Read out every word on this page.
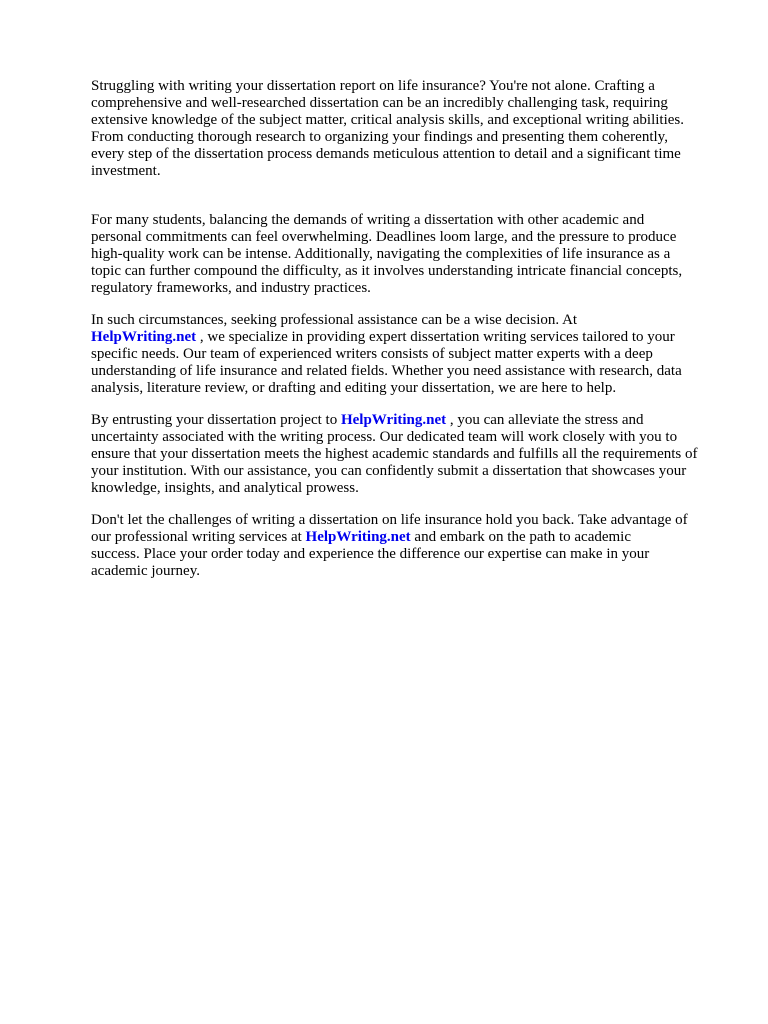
Struggling with writing your dissertation report on life insurance? You're not alone. Crafting a
comprehensive and well-researched dissertation can be an incredibly challenging task, requiring
extensive knowledge of the subject matter, critical analysis skills, and exceptional writing abilities.
From conducting thorough research to organizing your findings and presenting them coherently,
every step of the dissertation process demands meticulous attention to detail and a significant time
investment.

For many students, balancing the demands of writing a dissertation with other academic and
personal commitments can feel overwhelming. Deadlines loom large, and the pressure to produce
high-quality work can be intense. Additionally, navigating the complexities of life insurance as a
topic can further compound the difficulty, as it involves understanding intricate financial concepts,
regulatory frameworks, and industry practices.

In such circumstances, seeking professional assistance can be a wise decision. At
HelpWriting.net , we specialize in providing expert dissertation writing services tailored to your
specific needs. Our team of experienced writers consists of subject matter experts with a deep
understanding of life insurance and related fields. Whether you need assistance with research, data
analysis, literature review, or drafting and editing your dissertation, we are here to help.

By entrusting your dissertation project to HelpWriting.net , you can alleviate the stress and
uncertainty associated with the writing process. Our dedicated team will work closely with you to
ensure that your dissertation meets the highest academic standards and fulfills all the requirements of
your institution. With our assistance, you can confidently submit a dissertation that showcases your
knowledge, insights, and analytical prowess.

Don't let the challenges of writing a dissertation on life insurance hold you back. Take advantage of
our professional writing services at HelpWriting.net and embark on the path to academic
success. Place your order today and experience the difference our expertise can make in your
academic journey.
